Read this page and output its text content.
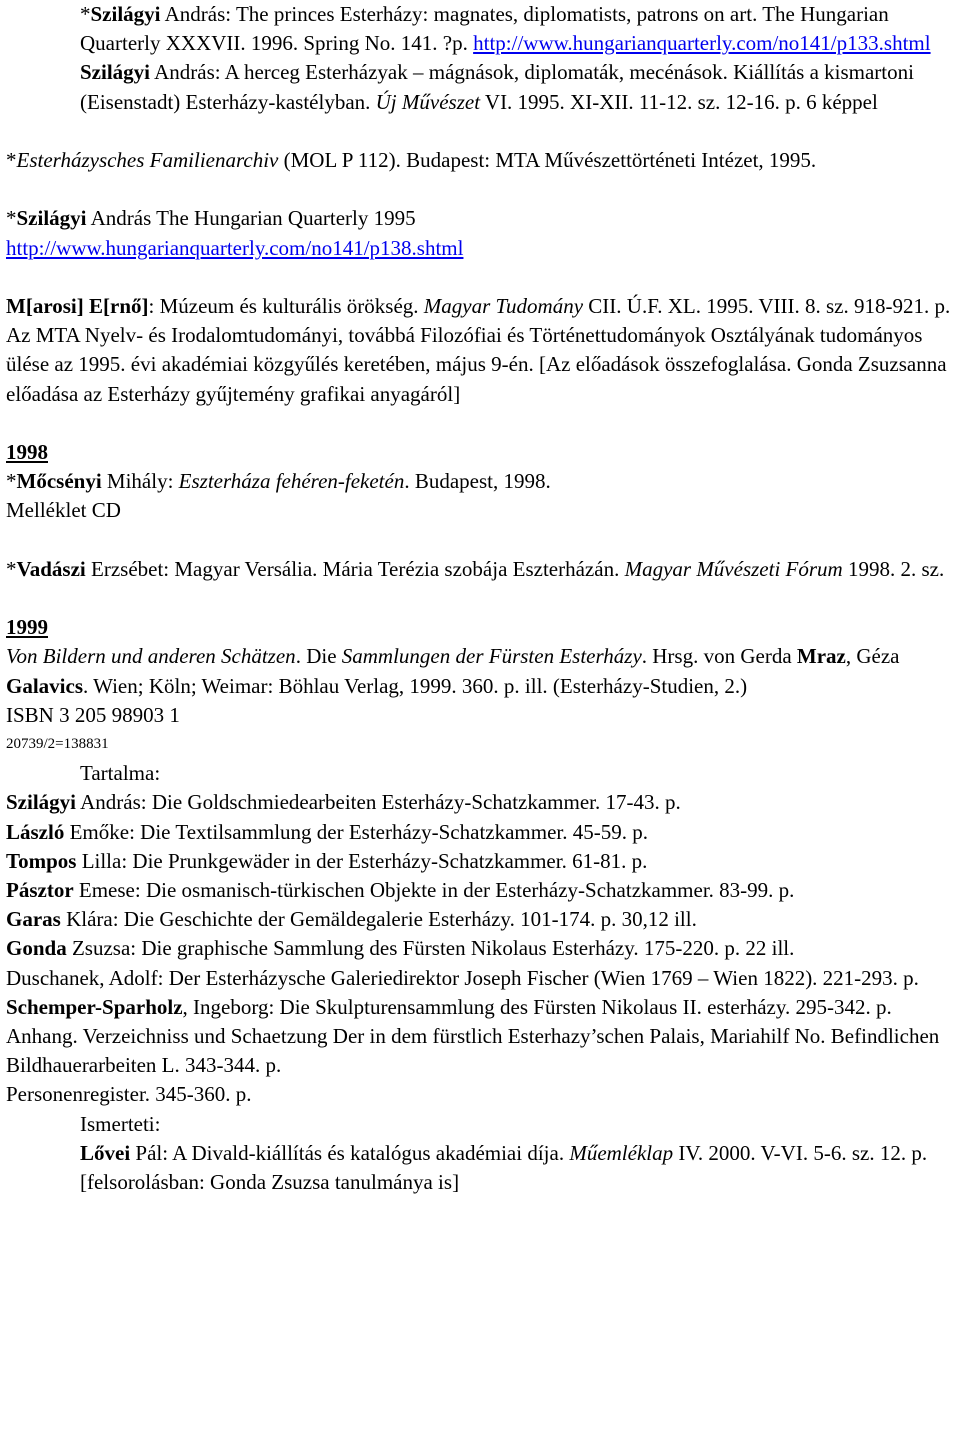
*Szilágyi András: The princes Esterházy: magnates, diplomatists, patrons on art. The Hungarian Quarterly XXXVII. 1996. Spring No. 141. ?p. http://www.hungarianquarterly.com/no141/p133.shtml Szilágyi András: A herceg Esterházyak – mágnások, diplomaták, mecénások. Kiállítás a kismartoni (Eisenstadt) Esterházy-kastélyban. Új Művészet VI. 1995. XI-XII. 11-12. sz. 12-16. p. 6 képpel

*Esterházysches Familienarchiv (MOL P 112). Budapest: MTA Művészettörténeti Intézet, 1995.

*Szilágyi András The Hungarian Quarterly 1995

http://www.hungarianquarterly.com/no141/p138.shtml

M[arosi] E[rnő]: Múzeum és kulturális örökség. Magyar Tudomány CII. Ú.F. XL. 1995. VIII. 8. sz. 918-921. p.

Az MTA Nyelv- és Irodalomtudományi, továbbá Filozófiai és Történettudományok Osztályának tudományos ülése az 1995. évi akadémiai közgyűlés keretében, május 9-én. [Az előadások összefoglalása. Gonda Zsuzsanna előadása az Esterházy gyűjtemény grafikai anyagáról]

1998

*Mőcsényi Mihály: Eszterháza fehéren-feketén. Budapest, 1998.

Melléklet CD

*Vadászi Erzsébet: Magyar Versália. Mária Terézia szobája Eszterházán. Magyar Művészeti Fórum 1998. 2. sz.

1999

Von Bildern und anderen Schätzen. Die Sammlungen der Fürsten Esterházy. Hrsg. von Gerda Mraz, Géza Galavics. Wien; Köln; Weimar: Böhlau Verlag, 1999. 360. p. ill. (Esterházy-Studien, 2.)

ISBN 3 205 98903 1

20739/2=138831

Tartalma:

Szilágyi András: Die Goldschmiedearbeiten Esterházy-Schatzkammer. 17-43. p.

László Emőke: Die Textilsammlung der Esterházy-Schatzkammer. 45-59. p.

Tompos Lilla: Die Prunkgewäder in der Esterházy-Schatzkammer. 61-81. p.

Pásztor Emese: Die osmanisch-türkischen Objekte in der Esterházy-Schatzkammer. 83-99. p.

Garas Klára: Die Geschichte der Gemäldegalerie Esterházy. 101-174. p. 30,12 ill.

Gonda Zsuzsa: Die graphische Sammlung des Fürsten Nikolaus Esterházy. 175-220. p. 22 ill.

Duschanek, Adolf: Der Esterházysche Galeriedirektor Joseph Fischer (Wien 1769 – Wien 1822). 221-293. p.

Schemper-Sparholz, Ingeborg: Die Skulpturensammlung des Fürsten Nikolaus II. esterházy. 295-342. p.

Anhang. Verzeichniss und Schaetzung Der in dem fürstlich Esterhazy’schen Palais, Mariahilf No. Befindlichen Bildhauerarbeiten L. 343-344. p.

Personenregister. 345-360. p.

Ismerteti:

Lővei Pál: A Divald-kiállítás és katalógus akadémiai díja. Műemléklap IV. 2000. V-VI. 5-6. sz. 12. p. [felsorolásban: Gonda Zsuzsa tanulmánya is]
